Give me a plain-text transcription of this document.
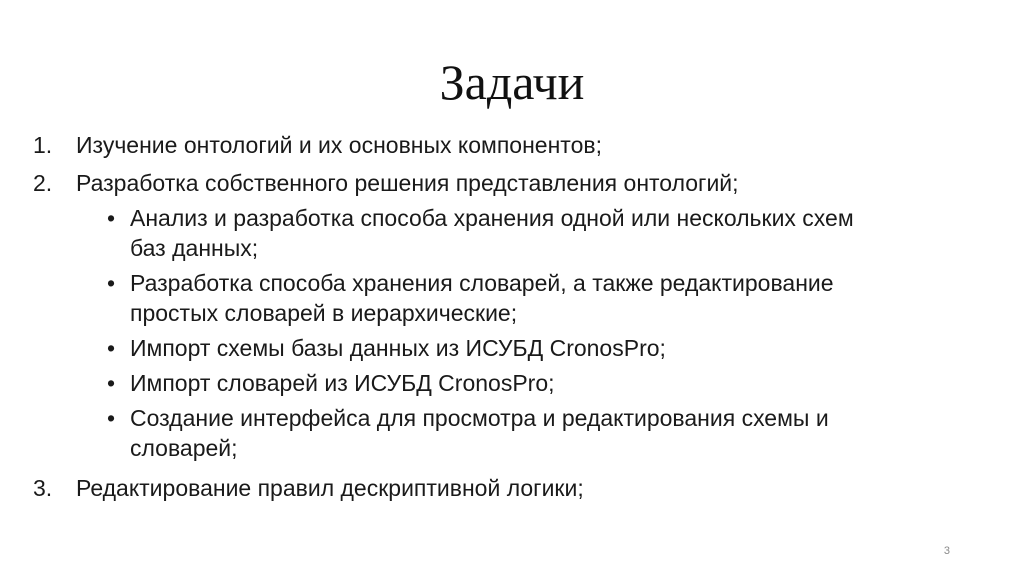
Задачи
1. Изучение онтологий и их основных компонентов;
2. Разработка собственного решения представления онтологий;
• Анализ и разработка способа хранения одной или нескольких схем
баз данных;
• Разработка способа хранения словарей, а также редактирование
простых словарей в иерархические;
• Импорт схемы базы данных из ИСУБД CronosPro;
• Импорт словарей из ИСУБД CronosPro;
• Создание интерфейса для просмотра и редактирования схемы и
словарей;
3. Редактирование правил дескриптивной логики;
3
